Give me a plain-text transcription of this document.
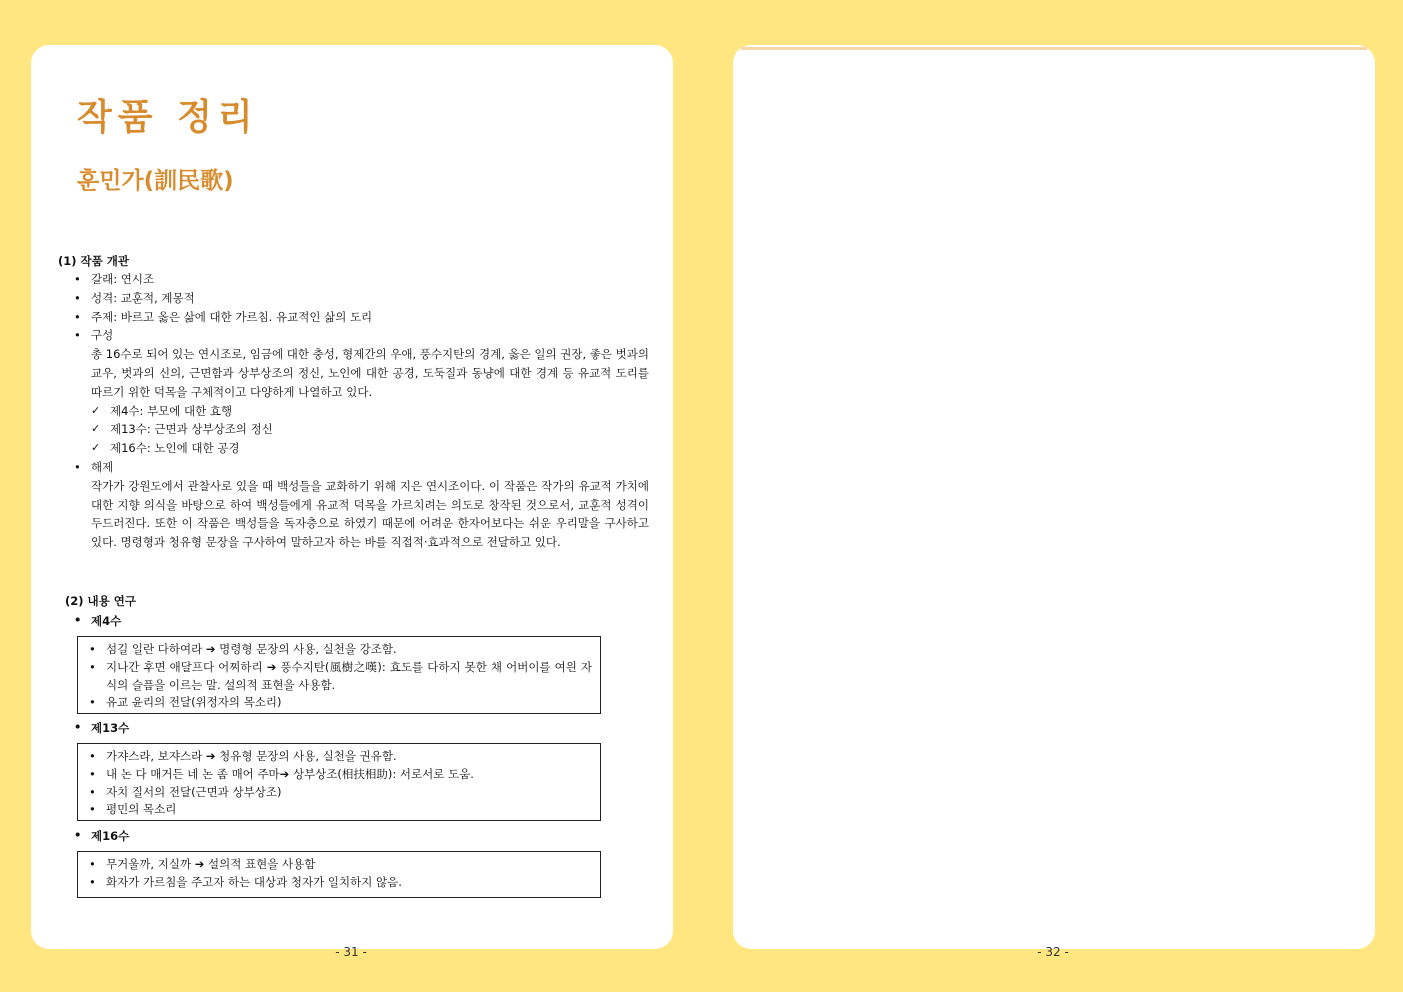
작품 정리
훈민가(訓民歌)
(1) 작품 개관
• 갈래: 연시조
• 성격: 교훈적, 계몽적
• 주제: 바르고 옳은 삶에 대한 가르침. 유교적인 삶의 도리
• 구성
총 16수로 되어 있는 연시조로, 임금에 대한 충성, 형제간의 우애, 풍수지탄의 경계, 옳은 일의 권장, 좋은 벗과의 교우, 벗과의 신의, 근면함과 상부상조의 정신, 노인에 대한 공경, 도둑질과 동냥에 대한 경계 등 유교적 도리를 따르기 위한 덕목을 구체적이고 다양하게 나열하고 있다.
✓ 제4수: 부모에 대한 효행
✓ 제13수: 근면과 상부상조의 정신
✓ 제16수: 노인에 대한 공경
• 해제
작가가 강원도에서 관찰사로 있을 때 백성들을 교화하기 위해 지은 연시조이다. 이 작품은 작가의 유교적 가치에 대한 지향 의식을 바탕으로 하여 백성들에게 유교적 덕목을 가르치려는 의도로 창작된 것으로서, 교훈적 성격이 두드러진다. 또한 이 작품은 백성들을 독자층으로 하였기 때문에 어려운 한자어보다는 쉬운 우리말을 구사하고 있다. 명령형과 청유형 문장을 구사하여 말하고자 하는 바를 직접적·효과적으로 전달하고 있다.
(2) 내용 연구
• 제4수
• 섬길 일란 다하여라 ➔ 명령형 문장의 사용, 실천을 강조함.
• 지나간 후면 애달프다 어찌하리 ➔ 풍수지탄(風樹之嘆): 효도를 다하지 못한 채 어버이를 여읜 자식의 슬픔을 이르는 말. 설의적 표현을 사용함.
• 유교 윤리의 전달(위정자의 목소리)
• 제13수
• 가쟈스라, 보쟈스라 ➔ 청유형 문장의 사용, 실천을 권유함.
• 내 논 다 매거든 네 논 좀 매어 주마➔ 상부상조(相扶相助): 서로서로 도움.
• 자치 질서의 전달(근면과 상부상조)
• 평민의 목소리
• 제16수
• 무거울까, 지실까 ➔ 설의적 표현을 사용함
• 화자가 가르침을 주고자 하는 대상과 청자가 일치하지 않음.
- 31 -	- 32 -
